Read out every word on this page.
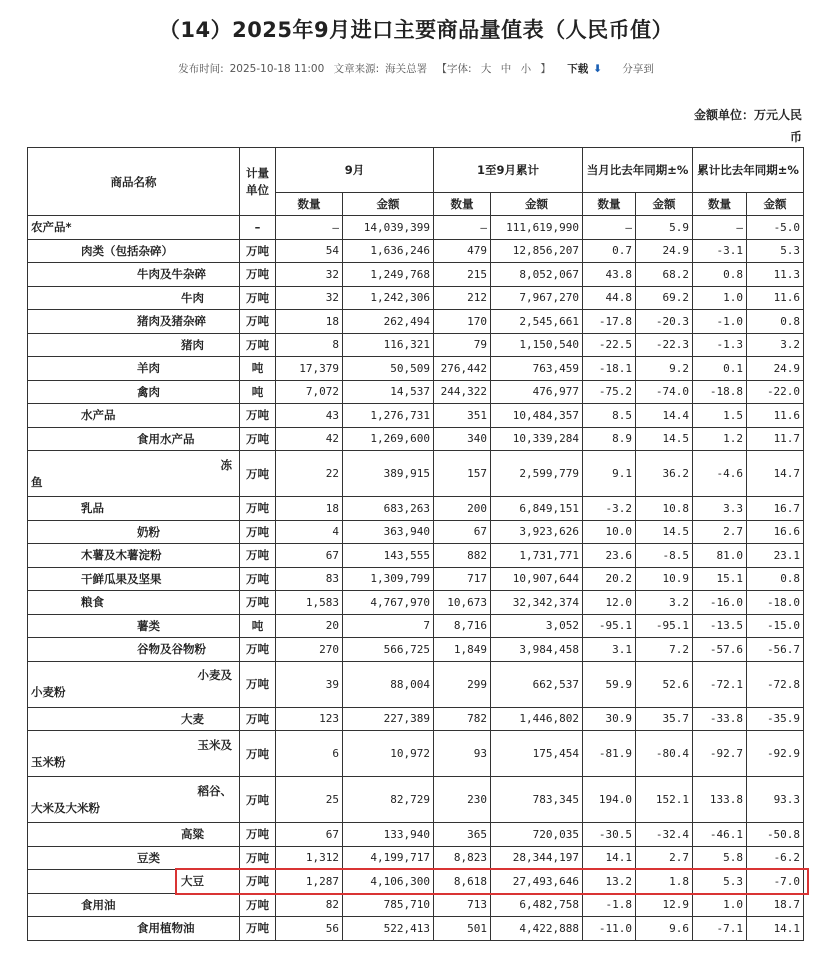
（14）2025年9月进口主要商品量值表（人民币值）
发布时间: 2025-10-18 11:00 文章来源: 海关总署 【字体: 大 中 小 】 下载 ⬇︎ 分享到
金额单位：万元人民币
商品名称	计量单位	9月		1至9月累计		当月比去年同期±%		累计比去年同期±%	
		数量	金额	数量	金额	数量	金额	数量	金额
农产品*	–	–	14,039,399	–	111,619,990	–	5.9	–	-5.0
肉类（包括杂碎）	万吨	54	1,636,246	479	12,856,207	0.7	24.9	-3.1	5.3
牛肉及牛杂碎	万吨	32	1,249,768	215	8,052,067	43.8	68.2	0.8	11.3
牛肉	万吨	32	1,242,306	212	7,967,270	44.8	69.2	1.0	11.6
猪肉及猪杂碎	万吨	18	262,494	170	2,545,661	-17.8	-20.3	-1.0	0.8
猪肉	万吨	8	116,321	79	1,150,540	-22.5	-22.3	-1.3	3.2
羊肉	吨	17,379	50,509	276,442	763,459	-18.1	9.2	0.1	24.9
禽肉	吨	7,072	14,537	244,322	476,977	-75.2	-74.0	-18.8	-22.0
水产品	万吨	43	1,276,731	351	10,484,357	8.5	14.4	1.5	11.6
食用水产品	万吨	42	1,269,600	340	10,339,284	8.9	14.5	1.2	11.7

冻
鱼	万吨	22	389,915	157	2,599,779	9.1	36.2	-4.6	14.7
乳品	万吨	18	683,263	200	6,849,151	-3.2	10.8	3.3	16.7
奶粉	万吨	4	363,940	67	3,923,626	10.0	14.5	2.7	16.6
木薯及木薯淀粉	万吨	67	143,555	882	1,731,771	23.6	-8.5	81.0	23.1
干鲜瓜果及坚果	万吨	83	1,309,799	717	10,907,644	20.2	10.9	15.1	0.8
粮食	万吨	1,583	4,767,970	10,673	32,342,374	12.0	3.2	-16.0	-18.0
薯类	吨	20	7	8,716	3,052	-95.1	-95.1	-13.5	-15.0
谷物及谷物粉	万吨	270	566,725	1,849	3,984,458	3.1	7.2	-57.6	-56.7

小麦及
小麦粉	万吨	39	88,004	299	662,537	59.9	52.6	-72.1	-72.8
大麦	万吨	123	227,389	782	1,446,802	30.9	35.7	-33.8	-35.9

玉米及
玉米粉	万吨	6	10,972	93	175,454	-81.9	-80.4	-92.7	-92.9

稻谷、
大米及大米粉	万吨	25	82,729	230	783,345	194.0	152.1	133.8	93.3
高粱	万吨	67	133,940	365	720,035	-30.5	-32.4	-46.1	-50.8
豆类	万吨	1,312	4,199,717	8,823	28,344,197	14.1	2.7	5.8	-6.2
大豆	万吨	1,287	4,106,300	8,618	27,493,646	13.2	1.8	5.3	-7.0
食用油	万吨	82	785,710	713	6,482,758	-1.8	12.9	1.0	18.7
食用植物油	万吨	56	522,413	501	4,422,888	-11.0	9.6	-7.1	14.1
